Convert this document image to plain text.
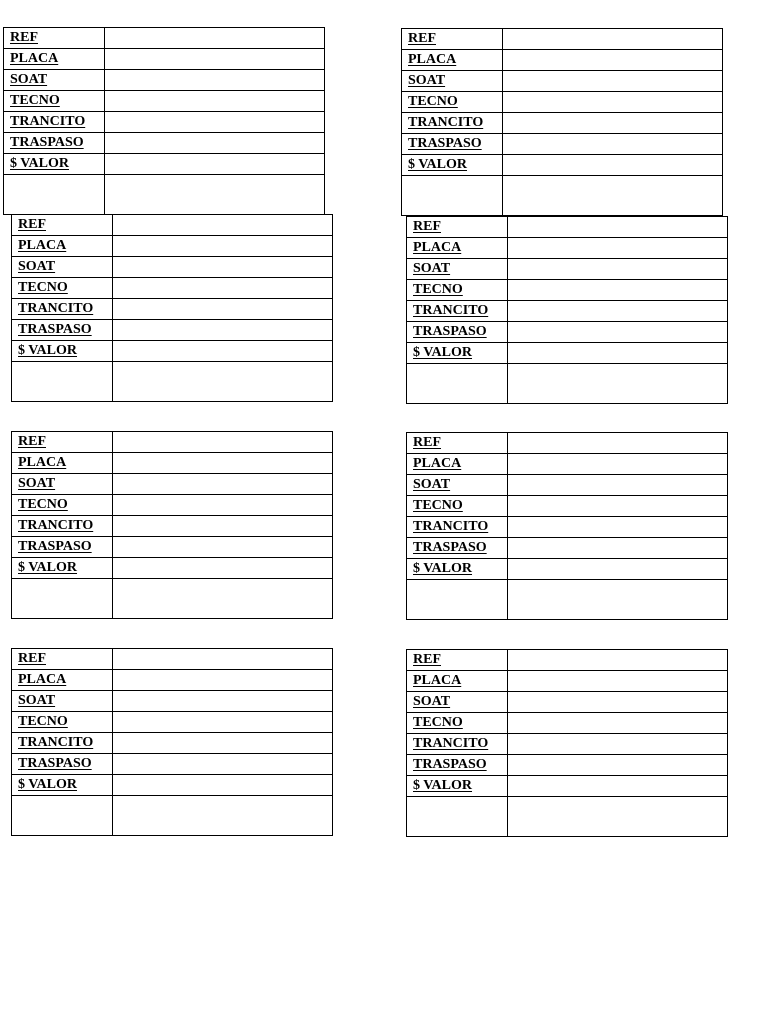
REF	

PLACA	

SOAT	

TECNO	

TRANCITO	

TRASPASO	

$ VALOR	

REF	

PLACA	

SOAT	

TECNO	

TRANCITO	

TRASPASO	

$ VALOR	

REF	

PLACA	

SOAT	

TECNO	

TRANCITO	

TRASPASO	

$ VALOR	

REF	

PLACA	

SOAT	

TECNO	

TRANCITO	

TRASPASO	

$ VALOR	

REF	

PLACA	

SOAT	

TECNO	

TRANCITO	

TRASPASO	

$ VALOR	

REF	

PLACA	

SOAT	

TECNO	

TRANCITO	

TRASPASO	

$ VALOR	

REF	

PLACA	

SOAT	

TECNO	

TRANCITO	

TRASPASO	

$ VALOR	

REF	

PLACA	

SOAT	

TECNO	

TRANCITO	

TRASPASO	

$ VALOR	
